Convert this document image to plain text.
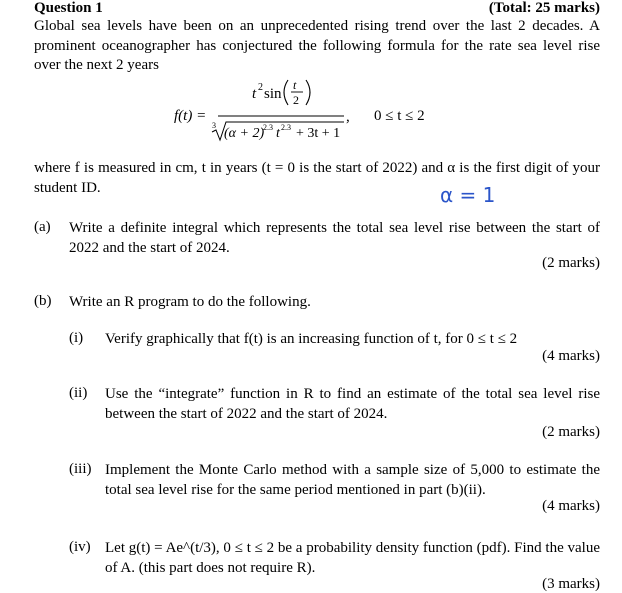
Question 1	(Total: 25 marks)
Global sea levels have been on an unprecedented rising trend over the last 2 decades. A prominent oceanographer has conjectured the following formula for the rate sea level rise over the next 2 years
f(t) =
t 2 sin
t
2
,
3
(α + 2)
2.3 t 2.3 + 3t + 1
0 ≤ t ≤ 2
where f is measured in cm, t in years (t = 0 is the start of 2022) and α is the first digit of your student ID.	α = 1
(a) Write a definite integral which represents the total sea level rise between the start of 2022 and the start of 2024.
(2 marks)
(b) Write an R program to do the following.
(i) Verify graphically that f(t) is an increasing function of t, for 0 ≤ t ≤ 2
(4 marks)
(ii) Use the “integrate” function in R to find an estimate of the total sea level rise between the start of 2022 and the start of 2024.
(2 marks)
(iii) Implement the Monte Carlo method with a sample size of 5,000 to estimate the total sea level rise for the same period mentioned in part (b)(ii).
(4 marks)
(iv) Let g(t) = Ae^(t/3), 0 ≤ t ≤ 2 be a probability density function (pdf). Find the value of A. (this part does not require R).
(3 marks)
